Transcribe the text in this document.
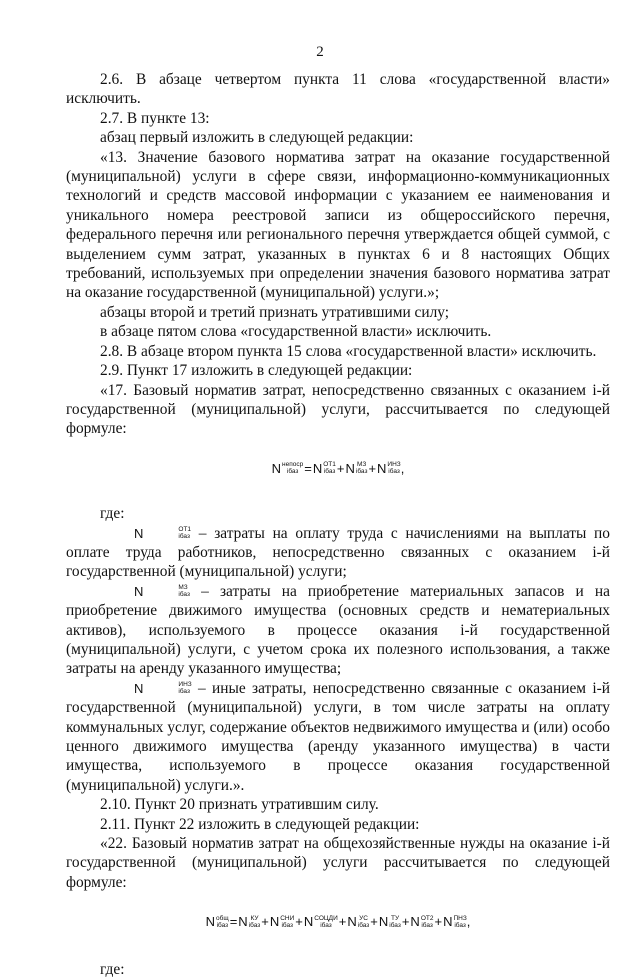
2

2.6. В абзаце четвертом пункта 11 слова «государственной власти» исключить.

2.7. В пункте 13:

абзац первый изложить в следующей редакции:

«13. Значение базового норматива затрат на оказание государственной (муниципальной) услуги в сфере связи, информационно-коммуникационных технологий и средств массовой информации с указанием ее наименования и уникального номера реестровой записи из общероссийского перечня, федерального перечня или регионального перечня утверждается общей суммой, с выделением сумм затрат, указанных в пунктах 6 и 8 настоящих Общих требований, используемых при определении значения базового норматива затрат на оказание государственной (муниципальной) услуги.»;

абзацы второй и третий признать утратившими силу;

в абзаце пятом слова «государственной власти» исключить.

2.8. В абзаце втором пункта 15 слова «государственной власти» исключить.

2.9. Пункт 17 изложить в следующей редакции:

«17. Базовый норматив затрат, непосредственно связанных с оказанием i-й государственной (муниципальной) услуги, рассчитывается по следующей формуле:

N непоср
iбаз =N ОТ1
iбаз +N МЗ
iбаз +N ИНЗ
iбаз ,

где:

N	ОТ1
iбаз – затраты на оплату труда с начислениями на выплаты по оплате труда работников, непосредственно связанных с оказанием i-й государственной (муниципальной) услуги;

N	МЗ
iбаз – затраты на приобретение материальных запасов и на приобретение движимого имущества (основных средств и нематериальных активов), используемого в процессе оказания i-й государственной (муниципальной) услуги, с учетом срока их полезного использования, а также затраты на аренду указанного имущества;

N	ИНЗ
iбаз – иные затраты, непосредственно связанные с оказанием i-й государственной (муниципальной) услуги, в том числе затраты на оплату коммунальных услуг, содержание объектов недвижимого имущества и (или) особо ценного движимого имущества (аренду указанного имущества) в части имущества, используемого в процессе оказания государственной (муниципальной) услуги.».

2.10. Пункт 20 признать утратившим силу.

2.11. Пункт 22 изложить в следующей редакции:

«22. Базовый норматив затрат на общехозяйственные нужды на оказание i-й государственной (муниципальной) услуги рассчитывается по следующей формуле:

N общ
iбаз =N КУ
iбаз +N СНИ
iбаз +N СОЦДИ
iбаз +N УС
iбаз +N ТУ
iбаз +N ОТ2
iбаз +N ПНЗ
iбаз ,

где:
